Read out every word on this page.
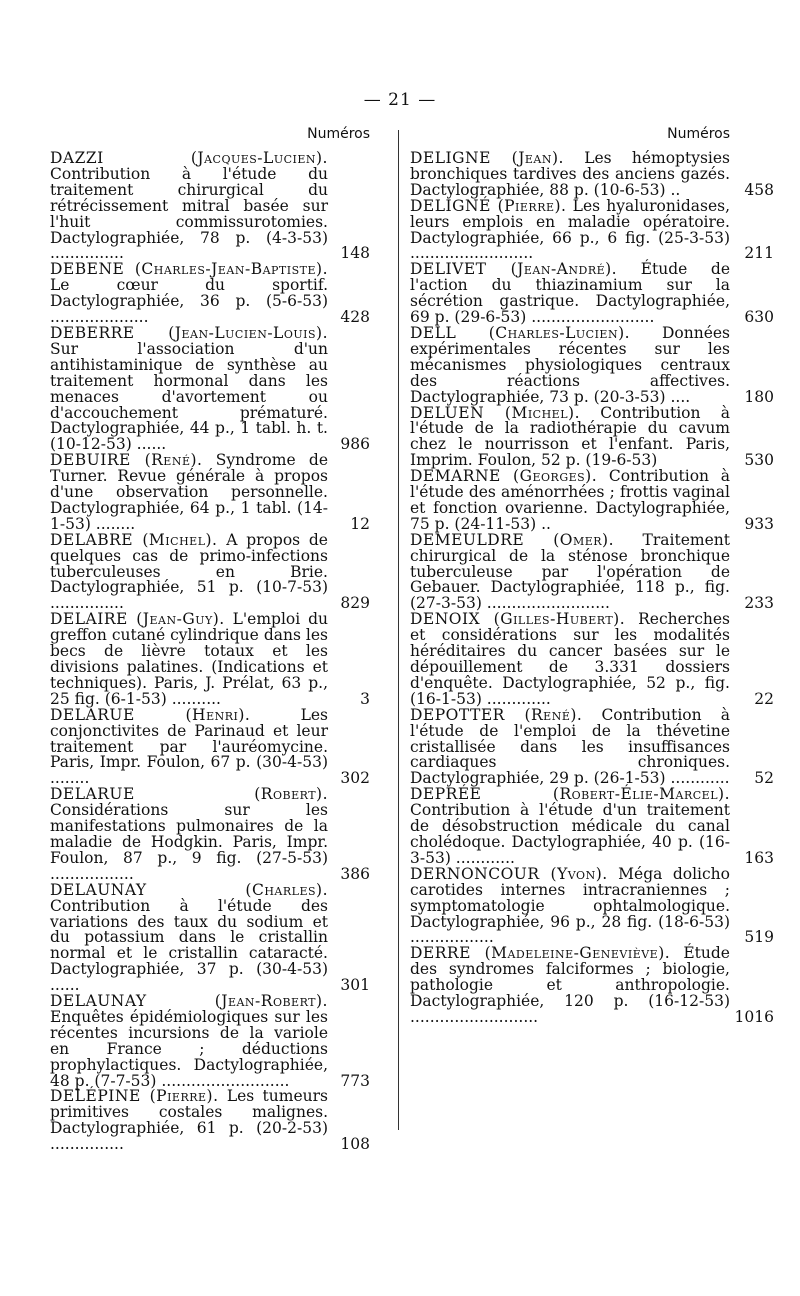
— 21 —
Numéros
DAZZI (Jacques-Lucien). Contribution à l'étude du traitement chirurgical du rétrécissement mitral basée sur l'huit commissurotomies. Dactylographiée, 78 p. (4-3-53) ...............	148
DEBENE (Charles-Jean-Baptiste). Le cœur du sportif. Dactylographiée, 36 p. (5-6-53) ....................	428
DEBERRE (Jean-Lucien-Louis). Sur l'association d'un antihistaminique de synthèse au traitement hormonal dans les menaces d'avortement ou d'accouchement prématuré. Dactylographiée, 44 p., 1 tabl. h. t. (10-12-53) ......	986
DEBUIRE (René). Syndrome de Turner. Revue générale à propos d'une observation personnelle. Dactylographiée, 64 p., 1 tabl. (14-1-53) ........	12
DELABRE (Michel). A propos de quelques cas de primo-infections tuberculeuses en Brie. Dactylographiée, 51 p. (10-7-53) ...............	829
DELAIRE (Jean-Guy). L'emploi du greffon cutané cylindrique dans les becs de lièvre totaux et les divisions palatines. (Indications et techniques). Paris, J. Prélat, 63 p., 25 fig. (6-1-53) ..........	3
DELARUE (Henri). Les conjonctivites de Parinaud et leur traitement par l'auréomycine. Paris, Impr. Foulon, 67 p. (30-4-53) ........	302
DELARUE (Robert). Considérations sur les manifestations pulmonaires de la maladie de Hodgkin. Paris, Impr. Foulon, 87 p., 9 fig. (27-5-53) .................	386
DELAUNAY (Charles). Contribution à l'étude des variations des taux du sodium et du potassium dans le cristallin normal et le cristallin cataracté. Dactylographiée, 37 p. (30-4-53) ......	301
DELAUNAY (Jean-Robert). Enquêtes épidémiologiques sur les récentes incursions de la variole en France ; déductions prophylactiques. Dactylographiée, 48 p. (7-7-53) ..........................	773
DELÉPINE (Pierre). Les tumeurs primitives costales malignes. Dactylographiée, 61 p. (20-2-53) ...............	108
Numéros
DELIGNE (Jean). Les hémoptysies bronchiques tardives des anciens gazés. Dactylographiée, 88 p. (10-6-53) ..	458
DELIGNÉ (Pierre). Les hyaluronidases, leurs emplois en maladie opératoire. Dactylographiée, 66 p., 6 fig. (25-3-53) .........................	211
DELIVET (Jean-André). Étude de l'action du thiazinamium sur la sécrétion gastrique. Dactylographiée, 69 p. (29-6-53) .........................	630
DELL (Charles-Lucien). Données expérimentales récentes sur les mécanismes physiologiques centraux des réactions affectives. Dactylographiée, 73 p. (20-3-53) ....	180
DELUEN (Michel). Contribution à l'étude de la radiothérapie du cavum chez le nourrisson et l'enfant. Paris, Imprim. Foulon, 52 p. (19-6-53)	530
DEMARNE (Georges). Contribution à l'étude des aménorrhées ; frottis vaginal et fonction ovarienne. Dactylographiée, 75 p. (24-11-53) ..	933
DEMEULDRE (Omer). Traitement chirurgical de la sténose bronchique tuberculeuse par l'opération de Gebauer. Dactylographiée, 118 p., fig. (27-3-53) .........................	233
DENOIX (Gilles-Hubert). Recherches et considérations sur les modalités héréditaires du cancer basées sur le dépouillement de 3.331 dossiers d'enquête. Dactylographiée, 52 p., fig. (16-1-53) .............	22
DEPOTTER (René). Contribution à l'étude de l'emploi de la thévetine cristallisée dans les insuffisances cardiaques chroniques. Dactylographiée, 29 p. (26-1-53) ............	52
DEPRÉE (Robert-Élie-Marcel). Contribution à l'étude d'un traitement de désobstruction médicale du canal cholédoque. Dactylographiée, 40 p. (16-3-53) ............	163
DERNONCOUR (Yvon). Méga dolicho carotides internes intracraniennes ; symptomatologie ophtalmologique. Dactylographiée, 96 p., 28 fig. (18-6-53) .................	519
DERRE (Madeleine-Geneviève). Étude des syndromes falciformes ; biologie, pathologie et anthropologie. Dactylographiée, 120 p. (16-12-53) ..........................	1016
